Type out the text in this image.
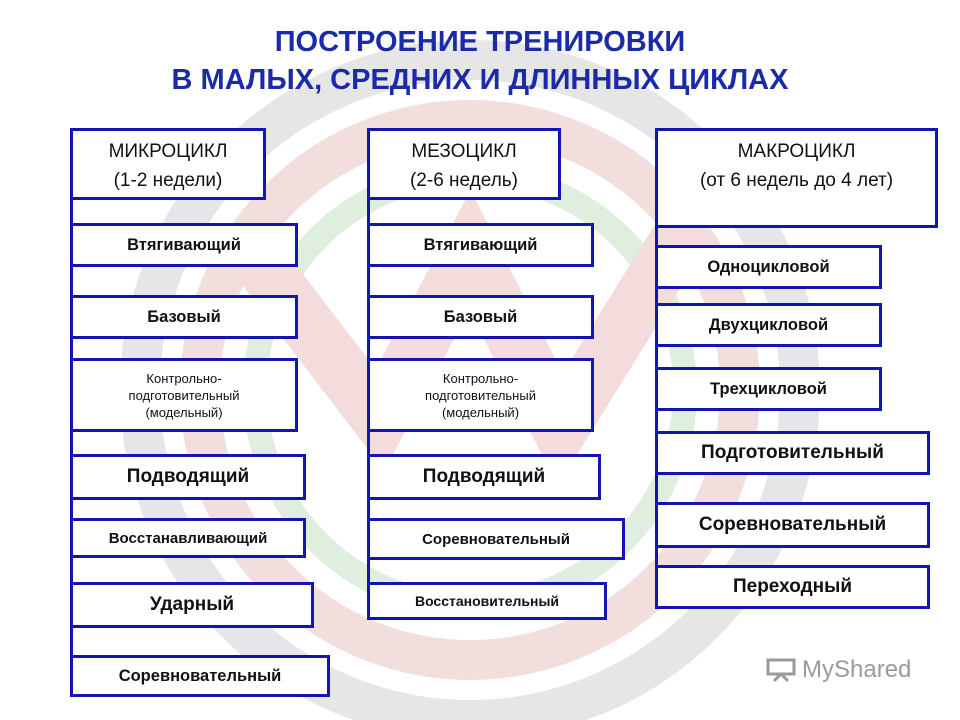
ПОСТРОЕНИЕ ТРЕНИРОВКИ
В МАЛЫХ, СРЕДНИХ И ДЛИННЫХ ЦИКЛАХ
МИКРОЦИКЛ
(1-2 недели)
Втягивающий
Базовый
Контрольно-
подготовительный
(модельный)
Подводящий
Восстанавливающий
Ударный
Соревновательный
МЕЗОЦИКЛ
(2-6 недель)
Втягивающий
Базовый
Контрольно-
подготовительный
(модельный)
Подводящий
Соревновательный
Восстановительный
МАКРОЦИКЛ
(от 6 недель до 4 лет)
Одноцикловой
Двухцикловой
Трехцикловой
Подготовительный
Соревновательный
Переходный
MyShared
